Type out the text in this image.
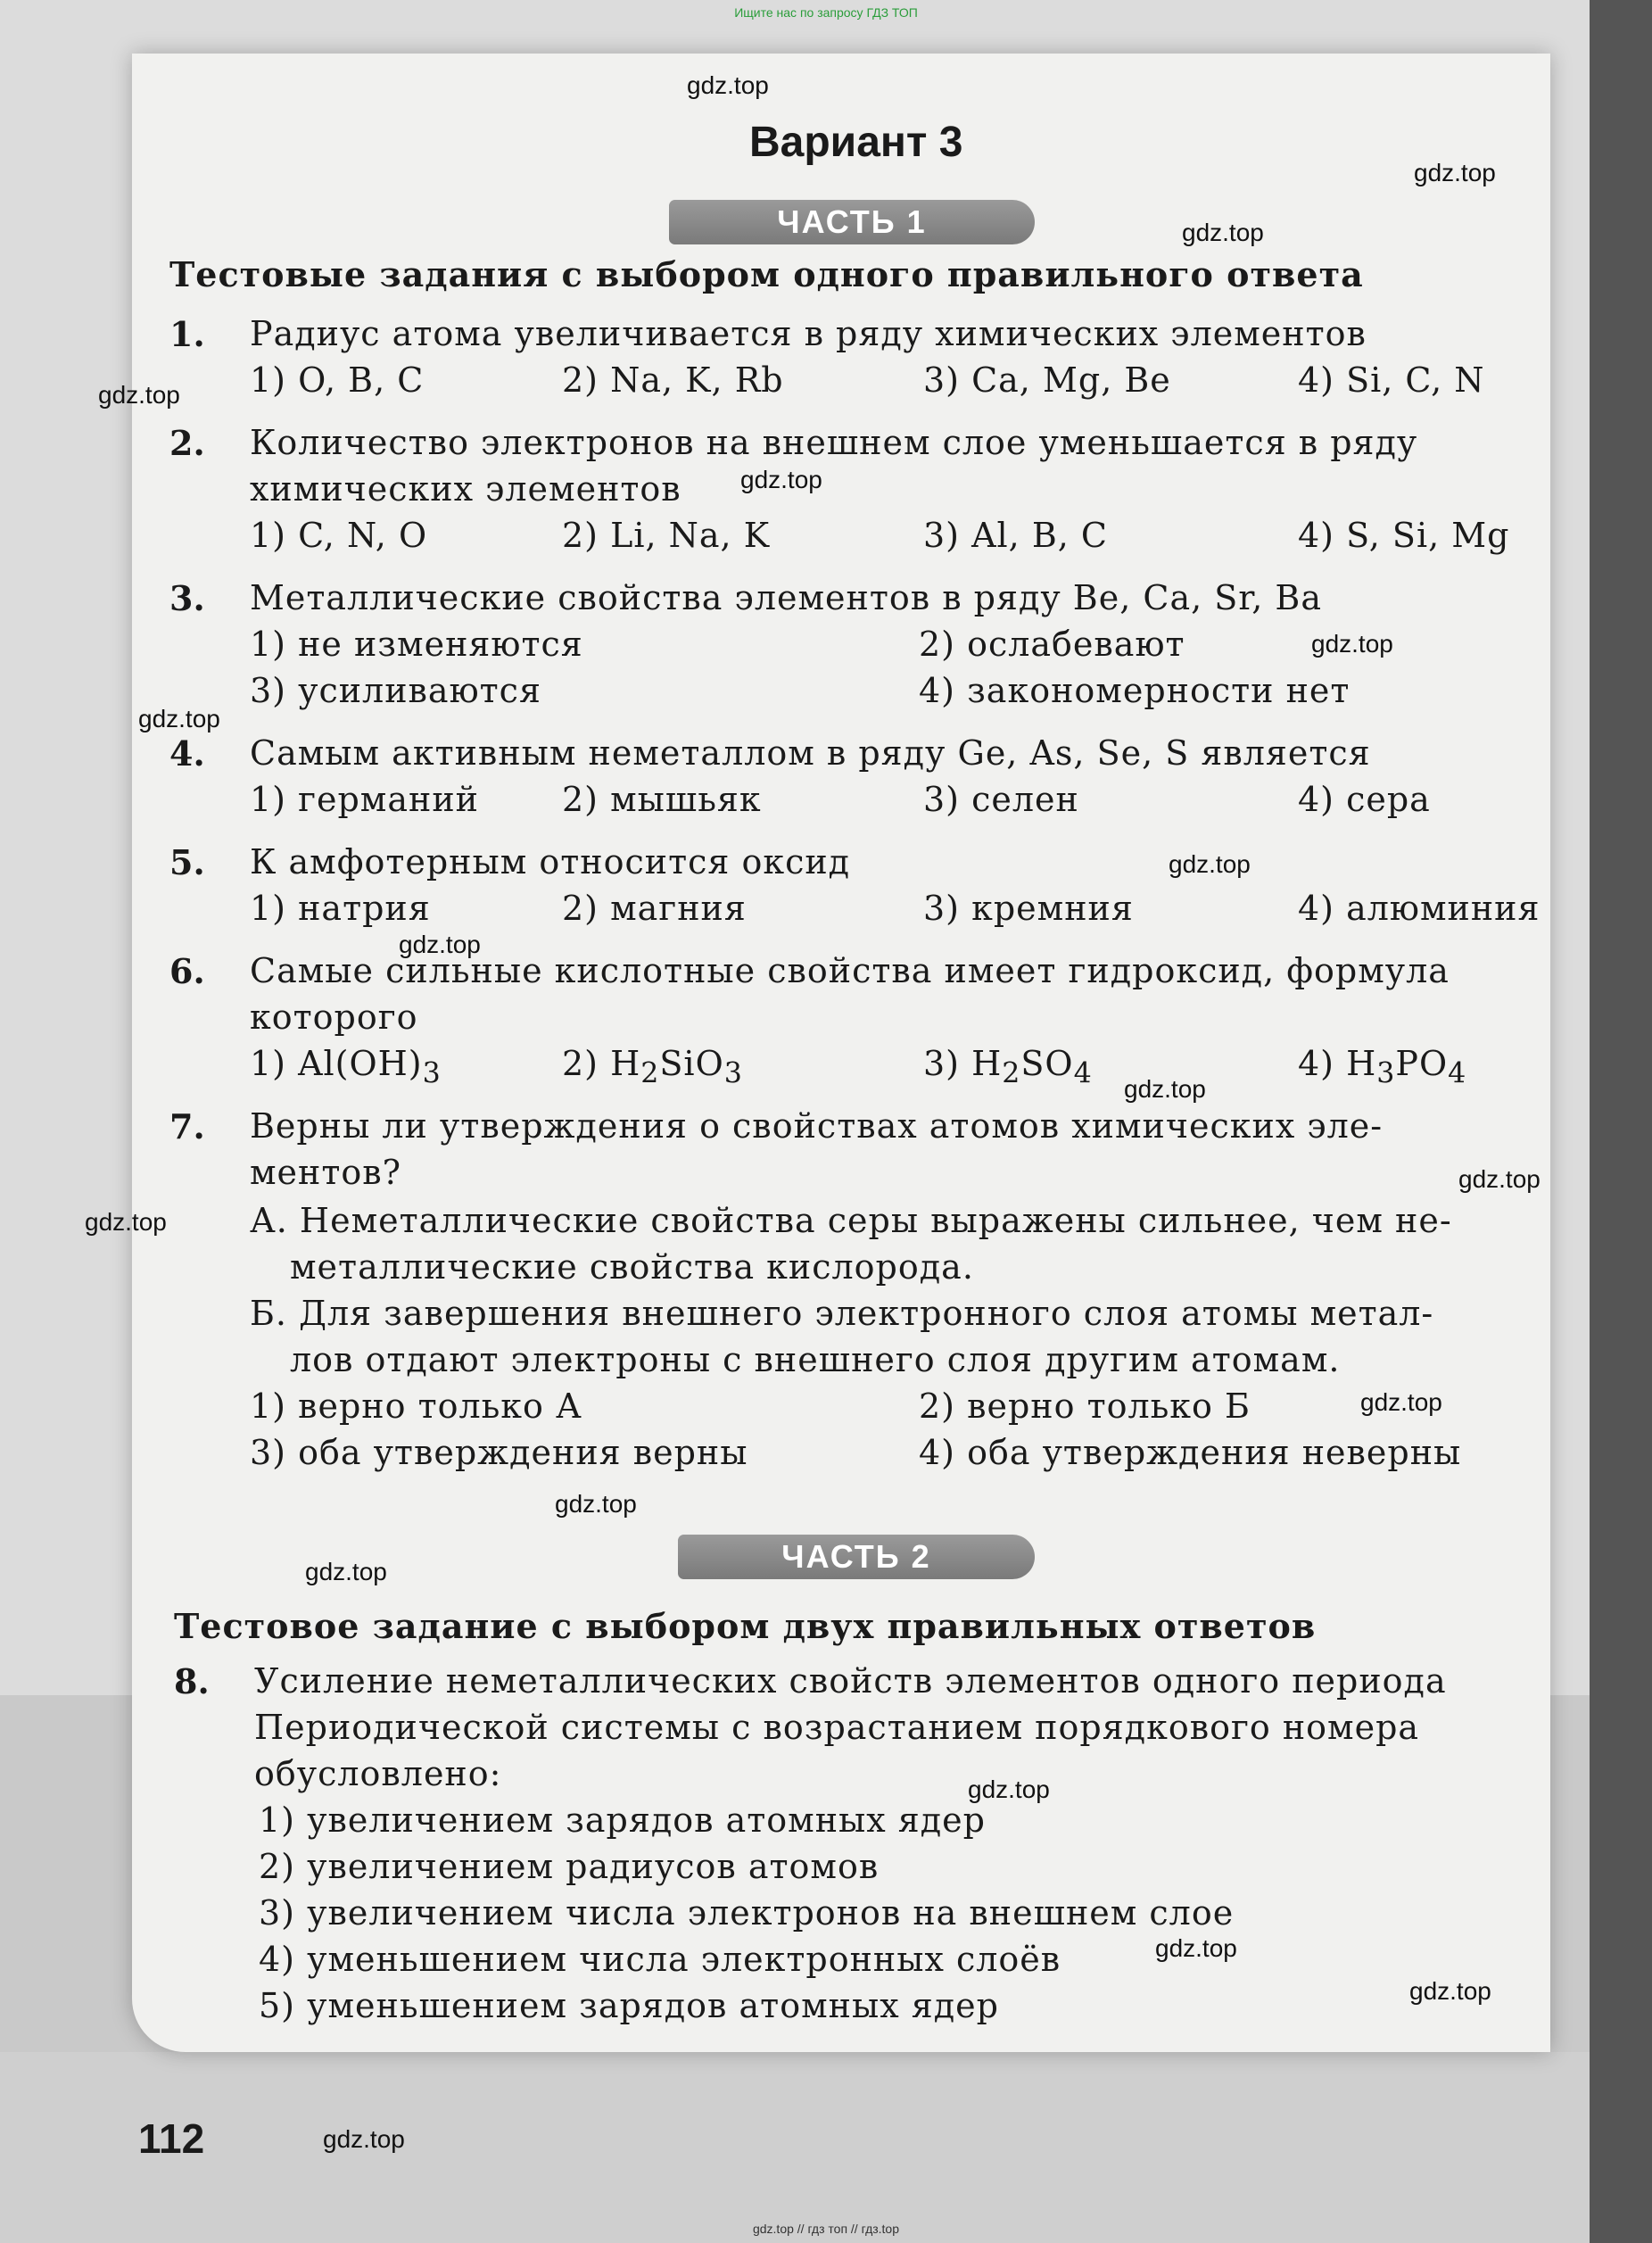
Ищите нас по запросу ГДЗ ТОП
Вариант 3
ЧАСТЬ 1
Тестовые задания с выбором одного правильного ответа
1. Радиус атома увеличивается в ряду химических элементов
1) O, B, C	2) Na, K, Rb	3) Ca, Mg, Be	4) Si, C, N
2. Количество электронов на внешнем слое уменьшается в ряду
химических элементов
1) C, N, O	2) Li, Na, K	3) Al, B, C	4) S, Si, Mg
3. Металлические свойства элементов в ряду Be, Ca, Sr, Ba
1) не изменяются	2) ослабевают
3) усиливаются	4) закономерности нет
4. Самым активным неметаллом в ряду Ge, As, Se, S является
1) германий 2) мышьяк	3) селен	4) сера
5. К амфотерным относится оксид
1) натрия	2) магния	3) кремния	4) алюминия
6. Самые сильные кислотные свойства имеет гидроксид, формула
которого
1) $Al(OH)_3$	2) $H_2SiO_3$	3) $H_2SO_4$	4) $H_3PO_4$
7. Верны ли утверждения о свойствах атомов химических эле-
ментов?
А. Неметаллические свойства серы выражены сильнее, чем не-
металлические свойства кислорода.
Б. Для завершения внешнего электронного слоя атомы метал-
лов отдают электроны с внешнего слоя другим атомам.
1) верно только А	2) верно только Б
3) оба утверждения верны	4) оба утверждения неверны
ЧАСТЬ 2
Тестовое задание с выбором двух правильных ответов
8. Усиление неметаллических свойств элементов одного периода
Периодической системы с возрастанием порядкового номера
обусловлено:
1) увеличением зарядов атомных ядер
2) увеличением радиусов атомов
3) увеличением числа электронов на внешнем слое
4) уменьшением числа электронных слоёв
5) уменьшением зарядов атомных ядер
112
gdz.top
gdz.top
gdz.top
gdz.top
gdz.top
gdz.top
gdz.top
gdz.top
gdz.top
gdz.top
gdz.top
gdz.top
gdz.top
gdz.top
gdz.top
gdz.top
gdz.top
gdz.top
gdz.top
gdz.top // гдз топ // гдз.top
